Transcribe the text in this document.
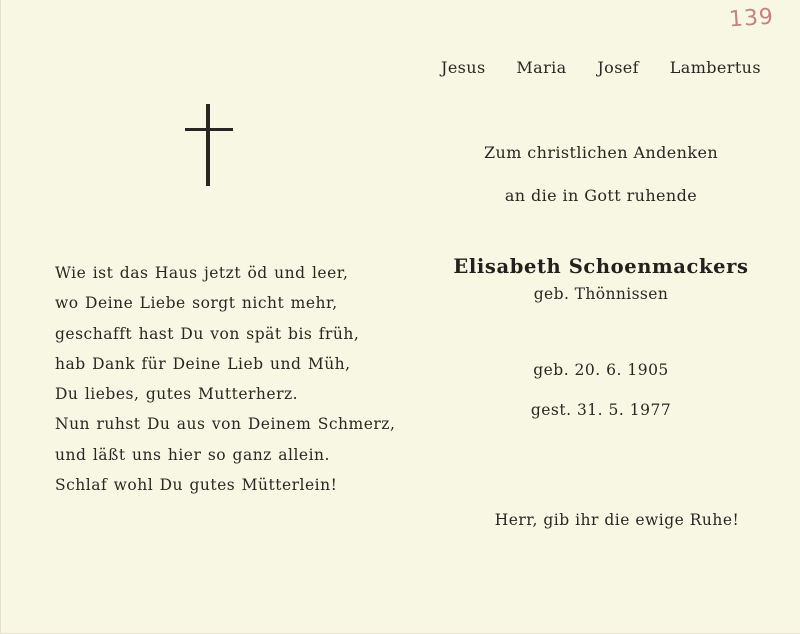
139
Jesus Maria Josef Lambertus
Wie ist das Haus jetzt öd und leer,
wo Deine Liebe sorgt nicht mehr,
geschafft hast Du von spät bis früh,
hab Dank für Deine Lieb und Müh,
Du liebes, gutes Mutterherz.
Nun ruhst Du aus von Deinem Schmerz,
und läßt uns hier so ganz allein.
Schlaf wohl Du gutes Mütterlein!
Zum christlichen Andenken
an die in Gott ruhende
Elisabeth Schoenmackers
geb. Thönnissen
geb. 20. 6. 1905
gest. 31. 5. 1977
Herr, gib ihr die ewige Ruhe!
